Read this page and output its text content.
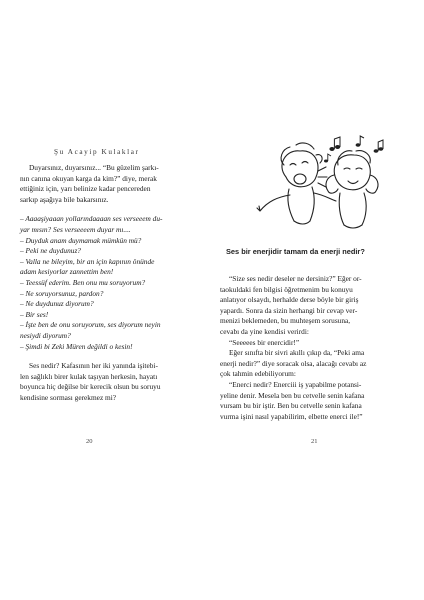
Şu Acayip Kulaklar

Duyarsınız, duyarsınız... “Bu güzelim şarkı-
nın canına okuyan karga da kim?” diye, merak
ettiğiniz için, yarı belinize kadar pencereden
sarkıp aşağıya bile bakarsınız.

– Aaaaşiyaaan yollarındaaaan ses verseeem du-
yar mısın? Ses verseeeem duyar mı....
– Duyduk anam duymamak mümkün mü?
– Peki ne duydunuz?
– Valla ne bileyim, bir an için kapının önünde
adam kesiyorlar zannettim ben!
– Teessüf ederim. Ben onu mu soruyorum?
– Ne soruyorsunuz, pardon?
– Ne duydunuz diyorum?
– Bir ses!
– İşte ben de onu soruyorum, ses diyorum neyin
nesiydi diyorum?
– Şimdi bi Zeki Müren değildi o kesin!

Ses nedir? Kafasının her iki yanında işitebi-
len sağlıklı birer kulak taşıyan herkesin, hayatı
boyunca hiç değilse bir kerecik olsun bu soruyu
kendisine sorması gerekmez mi?

20
Ses bir enerjidir tamam da enerji nedir?

“Size ses nedir deseler ne dersiniz?” Eğer or-
taokuldaki fen bilgisi öğretmenim bu konuyu
anlatıyor olsaydı, herhalde derse böyle bir giriş
yapardı. Sonra da sizin herhangi bir cevap ver-
menizi beklemeden, bu muhteşem sorusuna,
cevabı da yine kendisi verirdi:

“Seeeees bir enercidir!”

Eğer sınıfta bir sivri akıllı çıkıp da, “Peki ama
enerji nedir?” diye soracak olsa, alacağı cevabı az
çok tahmin edebiliyorum:

“Enerci nedir? Enerciii iş yapabilme potansi-
yeline denir. Mesela ben bu cetvelle senin kafana
vursam bu bir iştir. Ben bu cetvelle senin kafana
vurma işini nasıl yapabilirim, elbette enerci ile!”

21
